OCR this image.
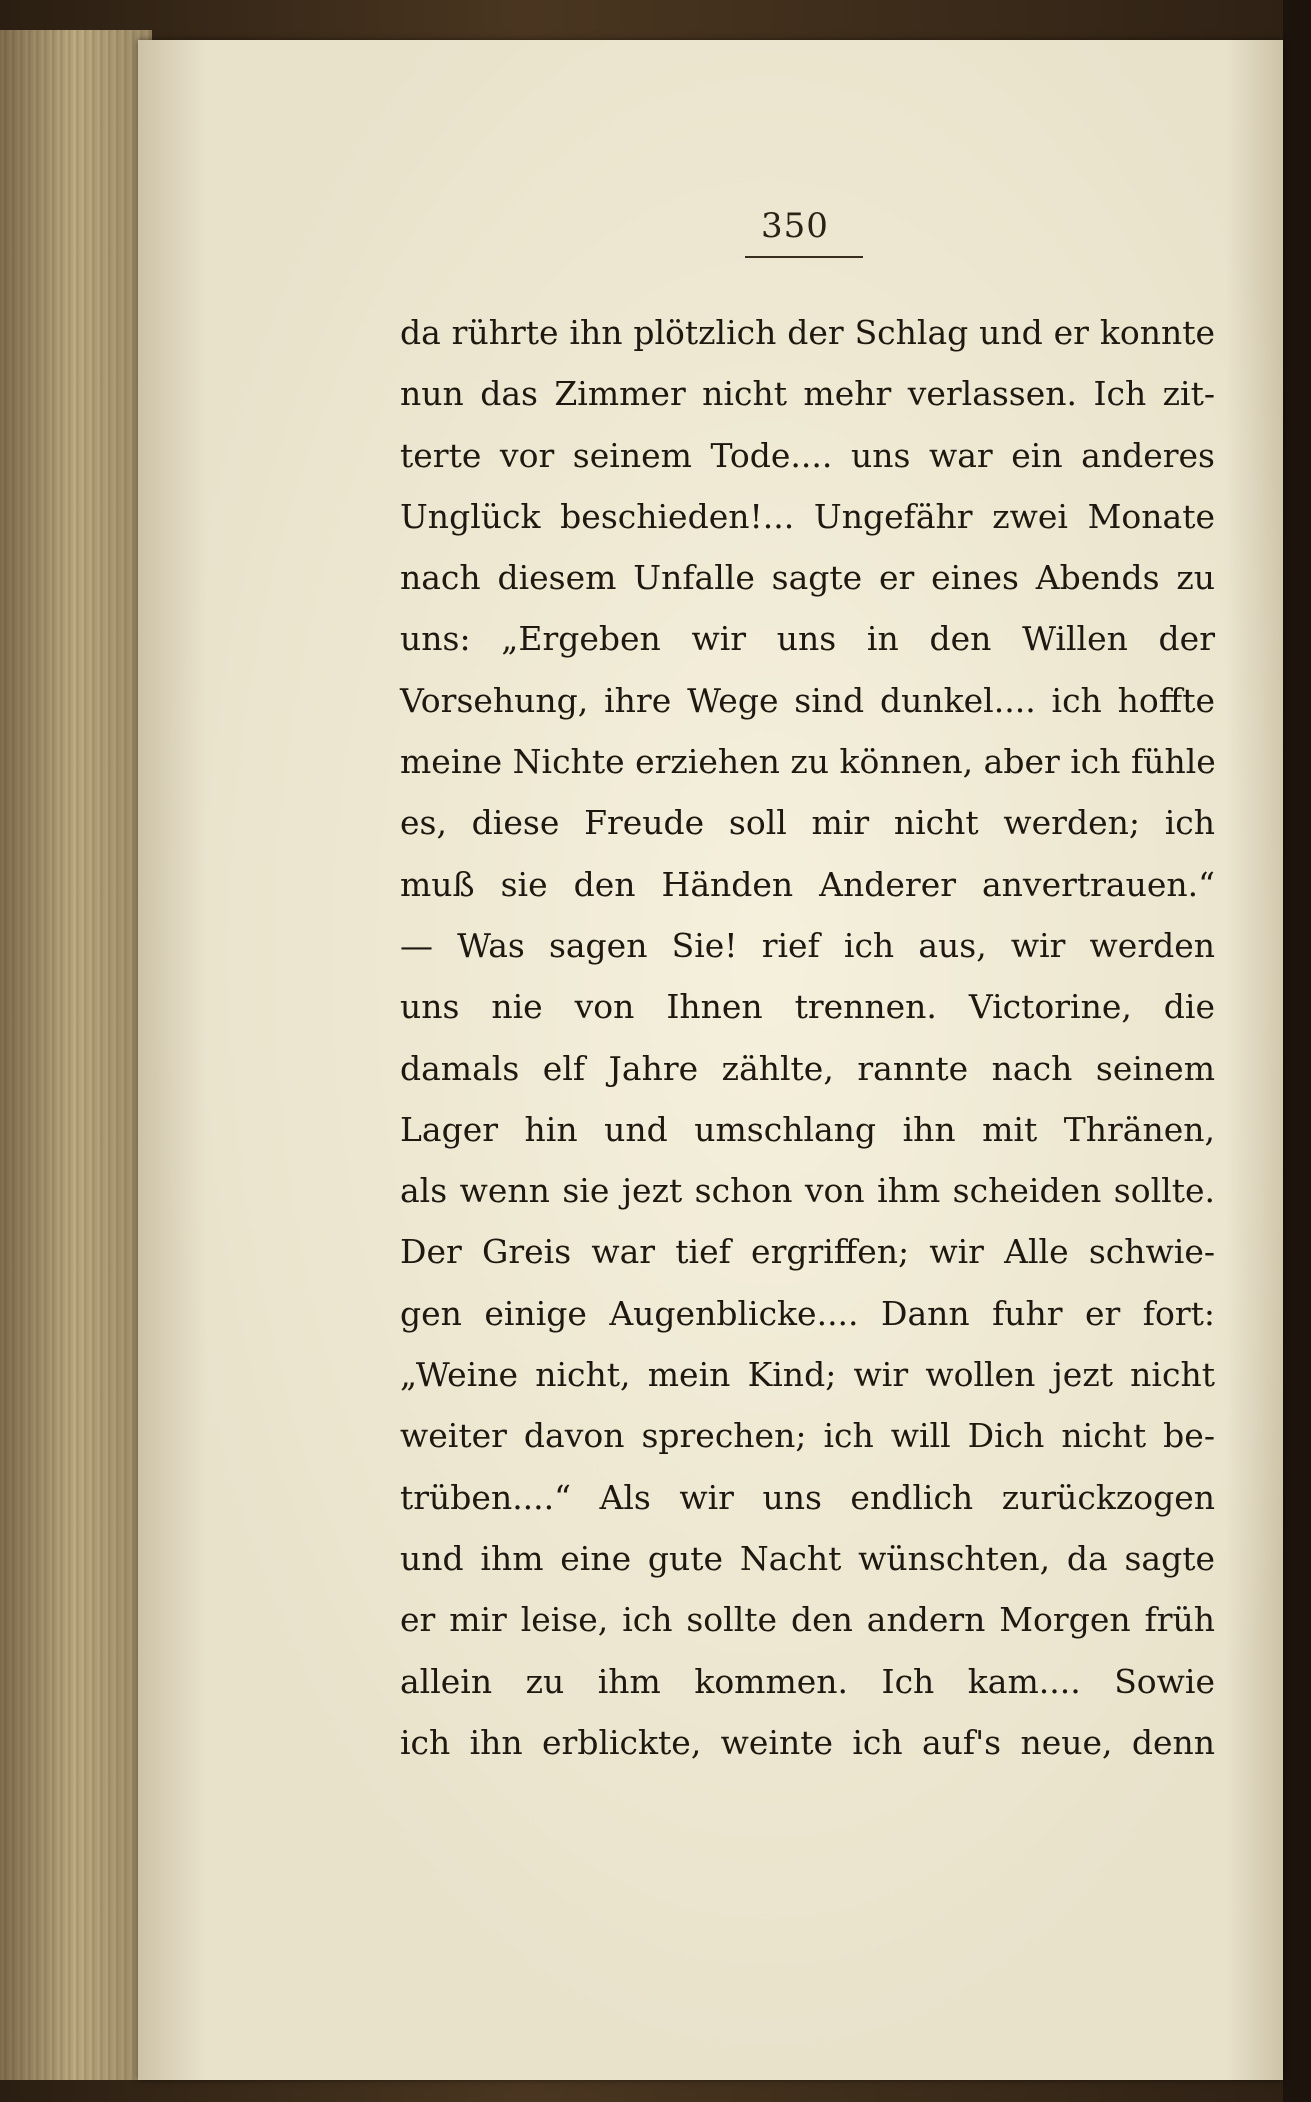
350
da rührte ihn plötzlich der Schlag und er konnte
nun das Zimmer nicht mehr verlassen. Ich zit-
terte vor seinem Tode.... uns war ein anderes
Unglück beschieden!... Ungefähr zwei Monate
nach diesem Unfalle sagte er eines Abends zu
uns: „Ergeben wir uns in den Willen der
Vorsehung, ihre Wege sind dunkel.... ich hoffte
meine Nichte erziehen zu können, aber ich fühle
es, diese Freude soll mir nicht werden; ich
muß sie den Händen Anderer anvertrauen.“
— Was sagen Sie! rief ich aus, wir werden
uns nie von Ihnen trennen. Victorine, die
damals elf Jahre zählte, rannte nach seinem
Lager hin und umschlang ihn mit Thränen,
als wenn sie jezt schon von ihm scheiden sollte.
Der Greis war tief ergriffen; wir Alle schwie-
gen einige Augenblicke.... Dann fuhr er fort:
„Weine nicht, mein Kind; wir wollen jezt nicht
weiter davon sprechen; ich will Dich nicht be-
trüben....“ Als wir uns endlich zurückzogen
und ihm eine gute Nacht wünschten, da sagte
er mir leise, ich sollte den andern Morgen früh
allein zu ihm kommen. Ich kam.... Sowie
ich ihn erblickte, weinte ich auf's neue, denn
